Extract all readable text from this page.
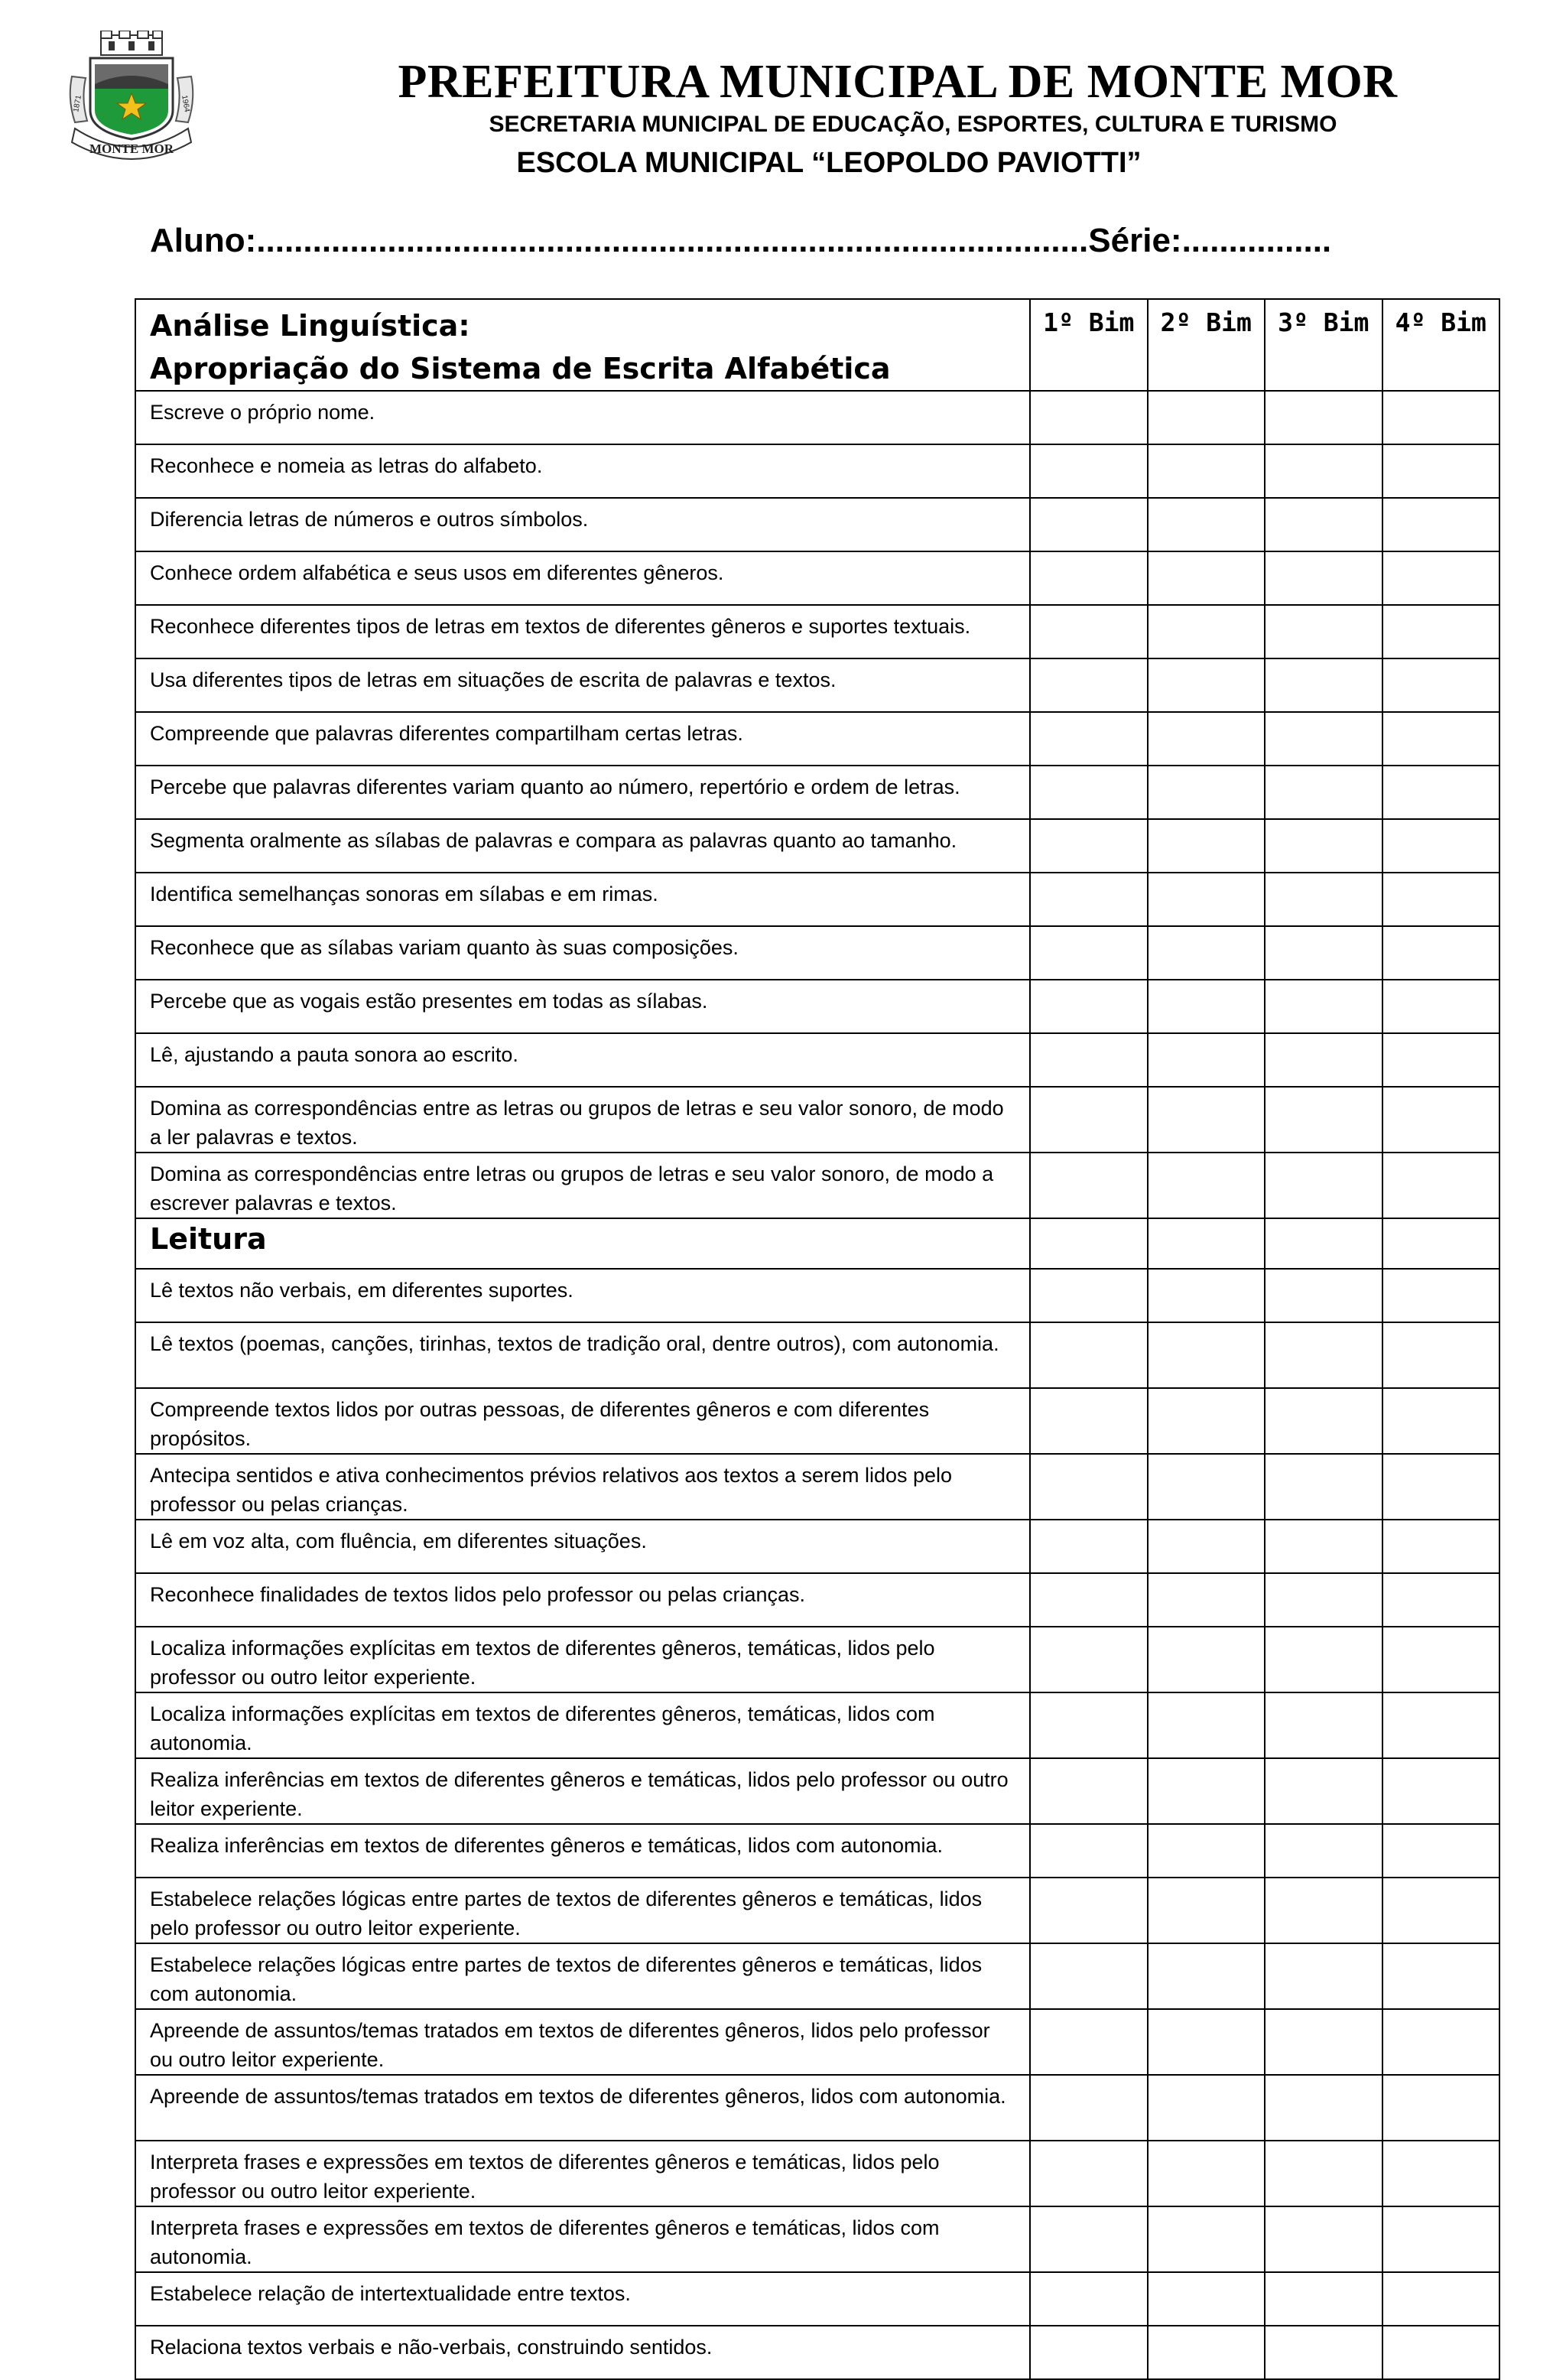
MONTE MOR
1871	1964	PREFEITURA MUNICIPAL DE MONTE MOR
SECRETARIA MUNICIPAL DE EDUCAÇÃO, ESPORTES, CULTURA E TURISMO
ESCOLA MUNICIPAL “LEOPOLDO PAVIOTTI”
Aluno:.........................................................................................Série:................
Análise Linguística:
Apropriação do Sistema de Escrita Alfabética	1º Bim	2º Bim	3º Bim	4º Bim
Escreve o próprio nome.				
Reconhece e nomeia as letras do alfabeto.				
Diferencia letras de números e outros símbolos.				
Conhece ordem alfabética e seus usos em diferentes gêneros.				
Reconhece diferentes tipos de letras em textos de diferentes gêneros e suportes textuais.				
Usa diferentes tipos de letras em situações de escrita de palavras e textos.				
Compreende que palavras diferentes compartilham certas letras.				
Percebe que palavras diferentes variam quanto ao número, repertório e ordem de letras.				
Segmenta oralmente as sílabas de palavras e compara as palavras quanto ao tamanho.				
Identifica semelhanças sonoras em sílabas e em rimas.				
Reconhece que as sílabas variam quanto às suas composições.				
Percebe que as vogais estão presentes em todas as sílabas.				
Lê, ajustando a pauta sonora ao escrito.				
Domina as correspondências entre as letras ou grupos de letras e seu valor sonoro, de modo a ler palavras e textos.				
Domina as correspondências entre letras ou grupos de letras e seu valor sonoro, de modo a escrever palavras e textos.				
Leitura				
Lê textos não verbais, em diferentes suportes.				
Lê textos (poemas, canções, tirinhas, textos de tradição oral, dentre outros), com autonomia.				
Compreende textos lidos por outras pessoas, de diferentes gêneros e com diferentes propósitos.				
Antecipa sentidos e ativa conhecimentos prévios relativos aos textos a serem lidos pelo professor ou pelas crianças.				
Lê em voz alta, com fluência, em diferentes situações.				
Reconhece finalidades de textos lidos pelo professor ou pelas crianças.				
Localiza informações explícitas em textos de diferentes gêneros, temáticas, lidos pelo professor ou outro leitor experiente.				
Localiza informações explícitas em textos de diferentes gêneros, temáticas, lidos com autonomia.				
Realiza inferências em textos de diferentes gêneros e temáticas, lidos pelo professor ou outro leitor experiente.				
Realiza inferências em textos de diferentes gêneros e temáticas, lidos com autonomia.				
Estabelece relações lógicas entre partes de textos de diferentes gêneros e temáticas, lidos pelo professor ou outro leitor experiente.				
Estabelece relações lógicas entre partes de textos de diferentes gêneros e temáticas, lidos com autonomia.				
Apreende de assuntos/temas tratados em textos de diferentes gêneros, lidos pelo professor ou outro leitor experiente.				
Apreende de assuntos/temas tratados em textos de diferentes gêneros, lidos com autonomia.				
Interpreta frases e expressões em textos de diferentes gêneros e temáticas, lidos pelo professor ou outro leitor experiente.				
Interpreta frases e expressões em textos de diferentes gêneros e temáticas, lidos com autonomia.				
Estabelece relação de intertextualidade entre textos.				
Relaciona textos verbais e não-verbais, construindo sentidos.				
